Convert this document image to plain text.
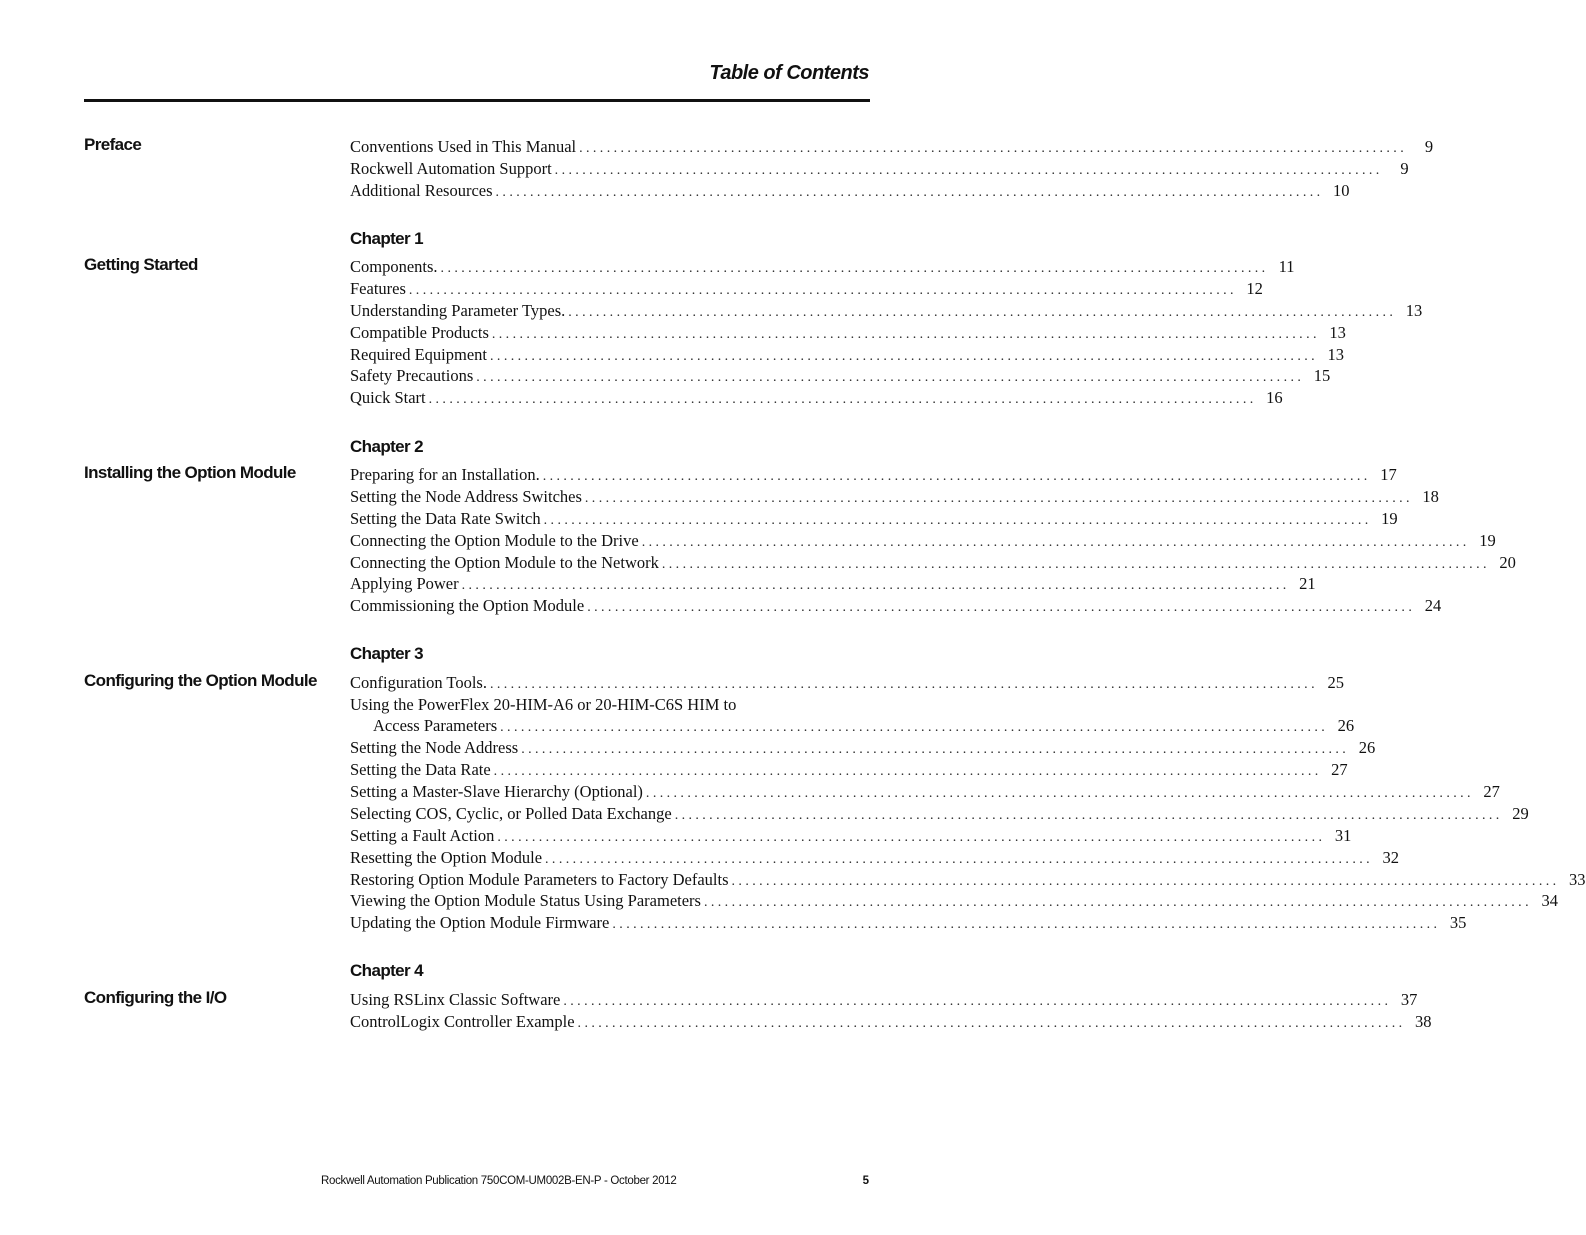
Table of Contents
Preface	Conventions Used in This Manual ........................................................................................................................	9
Rockwell Automation Support ........................................................................................................................	9
Additional Resources ........................................................................................................................ 10
Getting Started
Chapter 1
Components. ........................................................................................................................ 11
Features ........................................................................................................................ 12
Understanding Parameter Types. ........................................................................................................................ 13
Compatible Products ........................................................................................................................ 13
Required Equipment ........................................................................................................................ 13
Safety Precautions ........................................................................................................................ 15
Quick Start ........................................................................................................................ 16
Installing the Option Module
Chapter 2
Preparing for an Installation. ........................................................................................................................ 17
Setting the Node Address Switches ........................................................................................................................ 18
Setting the Data Rate Switch ........................................................................................................................ 19
Connecting the Option Module to the Drive ........................................................................................................................ 19
Connecting the Option Module to the Network ........................................................................................................................ 20
Applying Power ........................................................................................................................ 21
Commissioning the Option Module ........................................................................................................................ 24
Configuring the Option Module
Chapter 3
Configuration Tools. ........................................................................................................................ 25
Using the PowerFlex 20-HIM-A6 or 20-HIM-C6S HIM to
Access Parameters ........................................................................................................................ 26
Setting the Node Address ........................................................................................................................ 26
Setting the Data Rate ........................................................................................................................ 27
Setting a Master-Slave Hierarchy (Optional) ........................................................................................................................ 27
Selecting COS, Cyclic, or Polled Data Exchange ........................................................................................................................ 29
Setting a Fault Action ........................................................................................................................ 31
Resetting the Option Module ........................................................................................................................ 32
Restoring Option Module Parameters to Factory Defaults ........................................................................................................................ 33
Viewing the Option Module Status Using Parameters ........................................................................................................................ 34
Updating the Option Module Firmware ........................................................................................................................ 35
Configuring the I/O
Chapter 4
Using RSLinx Classic Software ........................................................................................................................ 37
ControlLogix Controller Example ........................................................................................................................ 38
Rockwell Automation Publication 750COM-UM002B-EN-P - October 2012	5
